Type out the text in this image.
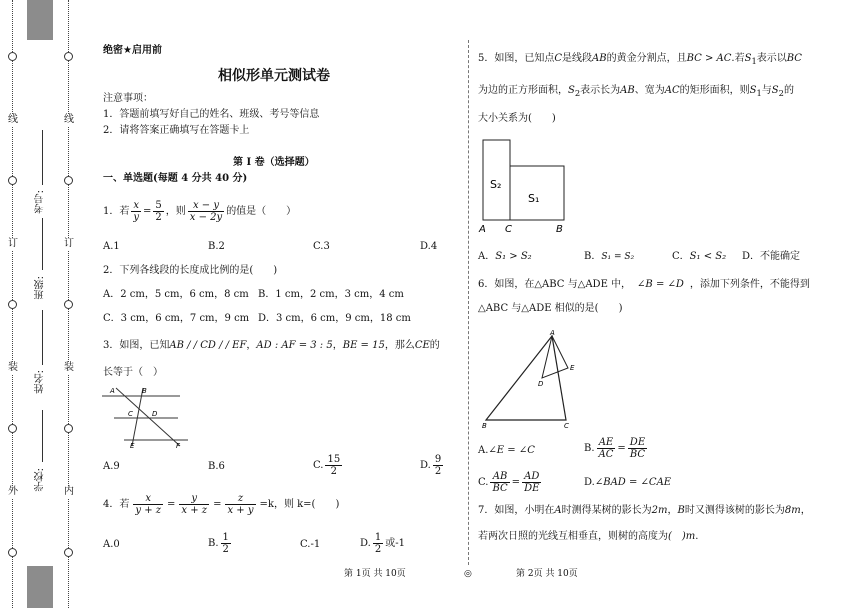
线
订
装
外
线
订
装
内
学校:
姓名:
班级:
考号:
绝密★启用前
相似形单元测试卷
注意事项：
1．答题前填写好自己的姓名、班级、考号等信息
2．请将答案正确填写在答题卡上
第 I 卷（选择题）
一、单选题(每题 4 分共 40 分)
1．若 $\frac{x}{y} = \frac{5}{2}$ ，则 $\frac{x - y}{x - 2y}$ 的值是（　　）
A.1	B.2	C.3	D.4
2．下列各线段的长度成比例的是(　　)
A．2 cm，5 cm，6 cm，8 cm B．1 cm，2 cm，3 cm，4 cm
C．3 cm，6 cm，7 cm，9 cm D．3 cm，6 cm，9 cm，18 cm
3．如图，已知AB / / CD / / EF，AD : AF = 3 : 5，BE = 15，那么CE的
长等于（　）
A	B
C	D
E	F
A.9	B.6	C. $\frac{15}{2}$	D. $\frac{9}{2}$
4．若 $\frac{x}{y + z} = \frac{y}{x + z} = \frac{z}{x + y} =k$，则 k=(　　)
A.0	B. $\frac{1}{2}$	C.-1	D. $\frac{1}{2}$ 或-1
5．如图，已知点C是线段AB的黄金分割点，且BC > AC.若$S_1$表示以BC
为边的正方形面积，$S_2$表示长为AB、宽为AC的矩形面积，则$S_1$与$S_2$的
大小关系为(　　)
S₂
S₁
A C	B
A．S₁ > S₂	B．S₁ = S₂	C．S₁ < S₂ D．不能确定
6．如图，在△ABC 与△ADE 中， ∠B = ∠D ，添加下列条件，不能得到
△ABC 与△ADE 相似的是(　　)
A
D
E
B	C
A.∠E = ∠C	B. $\frac{AE}{AC} = \frac{DE}{BC}$
C. $\frac{AB}{BC} = \frac{AD}{DE}$	D.∠BAD = ∠CAE
7．如图，小明在A时测得某树的影长为2m，B时又测得该树的影长为8m，
若两次日照的光线互相垂直，则树的高度为(　)m.
第 1页 共 10页	◎	第 2页 共 10页
